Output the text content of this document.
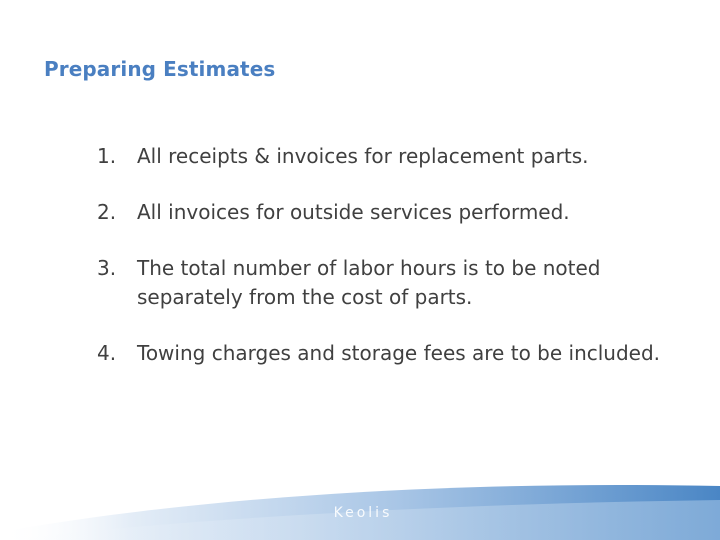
Preparing Estimates
1.	All receipts & invoices for replacement parts.
2.	All invoices for outside services performed.
3.	The total number of labor hours is to be noted separately from the cost of parts.
4.	Towing charges and storage fees are to be included.
Keolis
